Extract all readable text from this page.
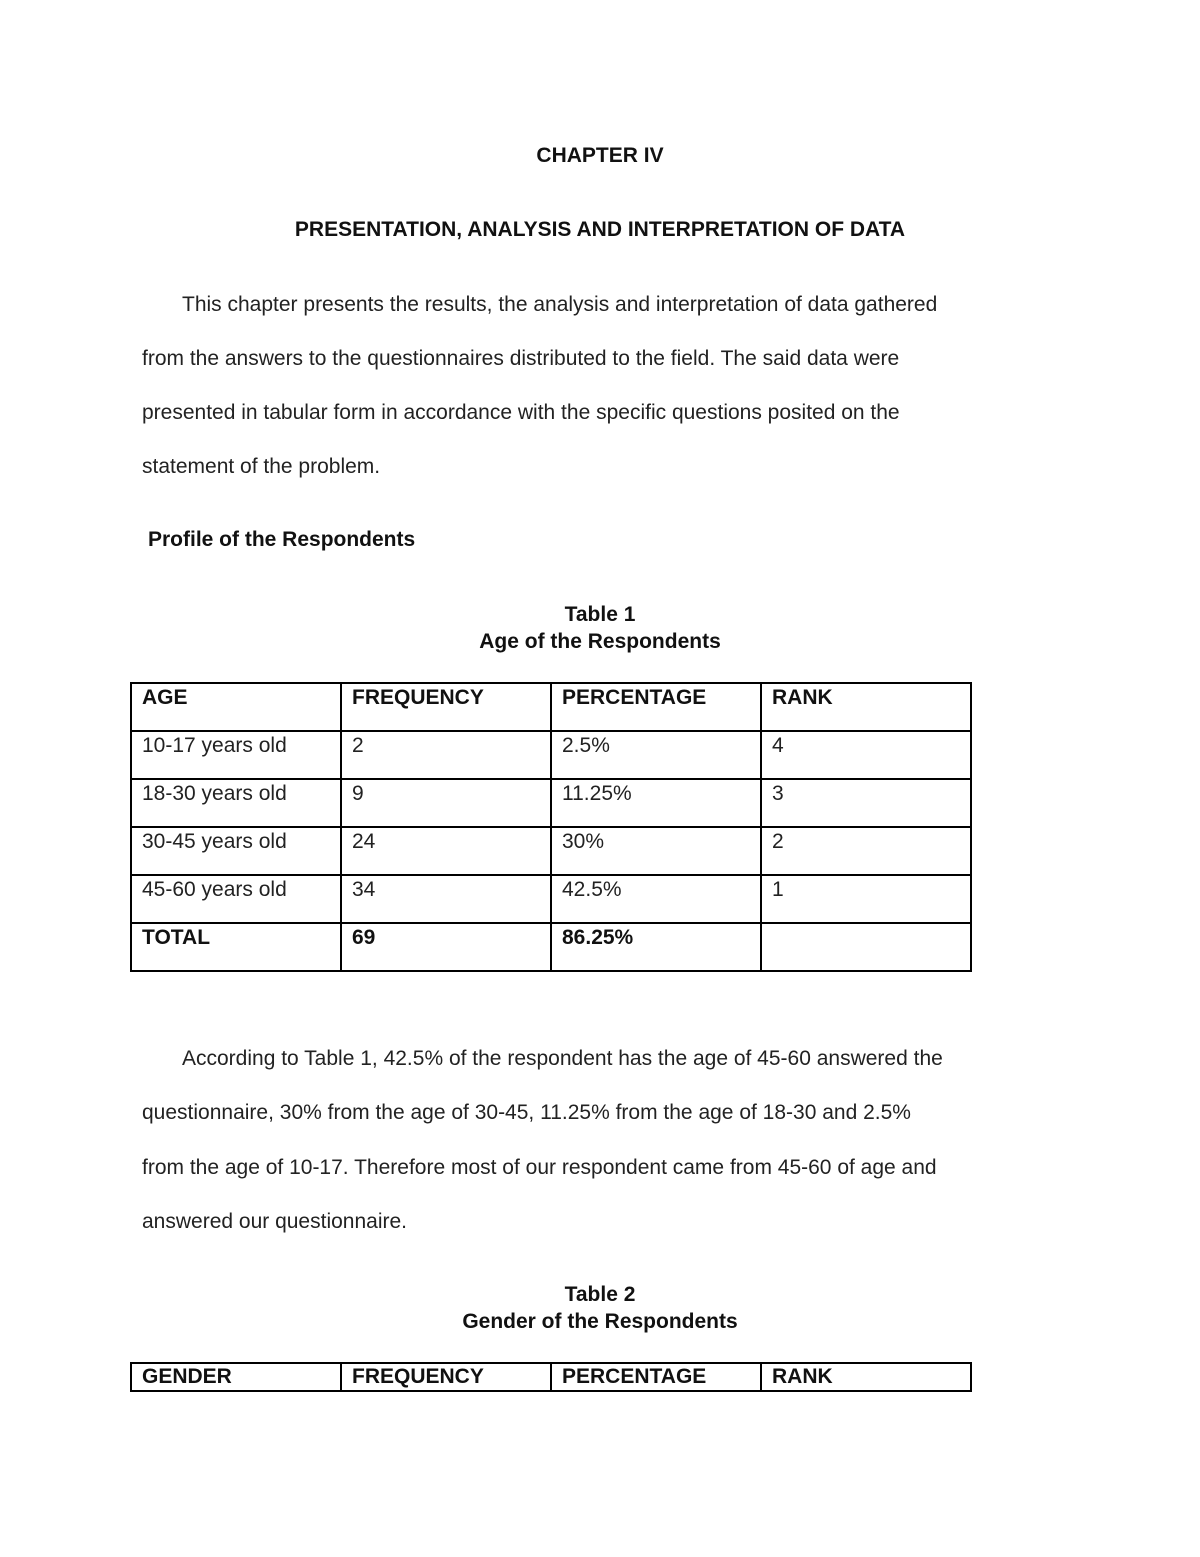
CHAPTER IV
PRESENTATION, ANALYSIS AND INTERPRETATION OF DATA
This chapter presents the results, the analysis and interpretation of data gathered
from the answers to the questionnaires distributed to the field. The said data were
presented in tabular form in accordance with the specific questions posited on the
statement of the problem.
Profile of the Respondents
Table 1
Age of the Respondents
AGE	FREQUENCY	PERCENTAGE	RANK
10-17 years old	2	2.5%	4
18-30 years old	9	11.25%	3
30-45 years old	24	30%	2
45-60 years old	34	42.5%	1
TOTAL	69	86.25%	
According to Table 1, 42.5% of the respondent has the age of 45-60 answered the
questionnaire, 30% from the age of 30-45, 11.25% from the age of 18-30 and 2.5%
from the age of 10-17. Therefore most of our respondent came from 45-60 of age and
answered our questionnaire.
Table 2
Gender of the Respondents
GENDER	FREQUENCY	PERCENTAGE	RANK
